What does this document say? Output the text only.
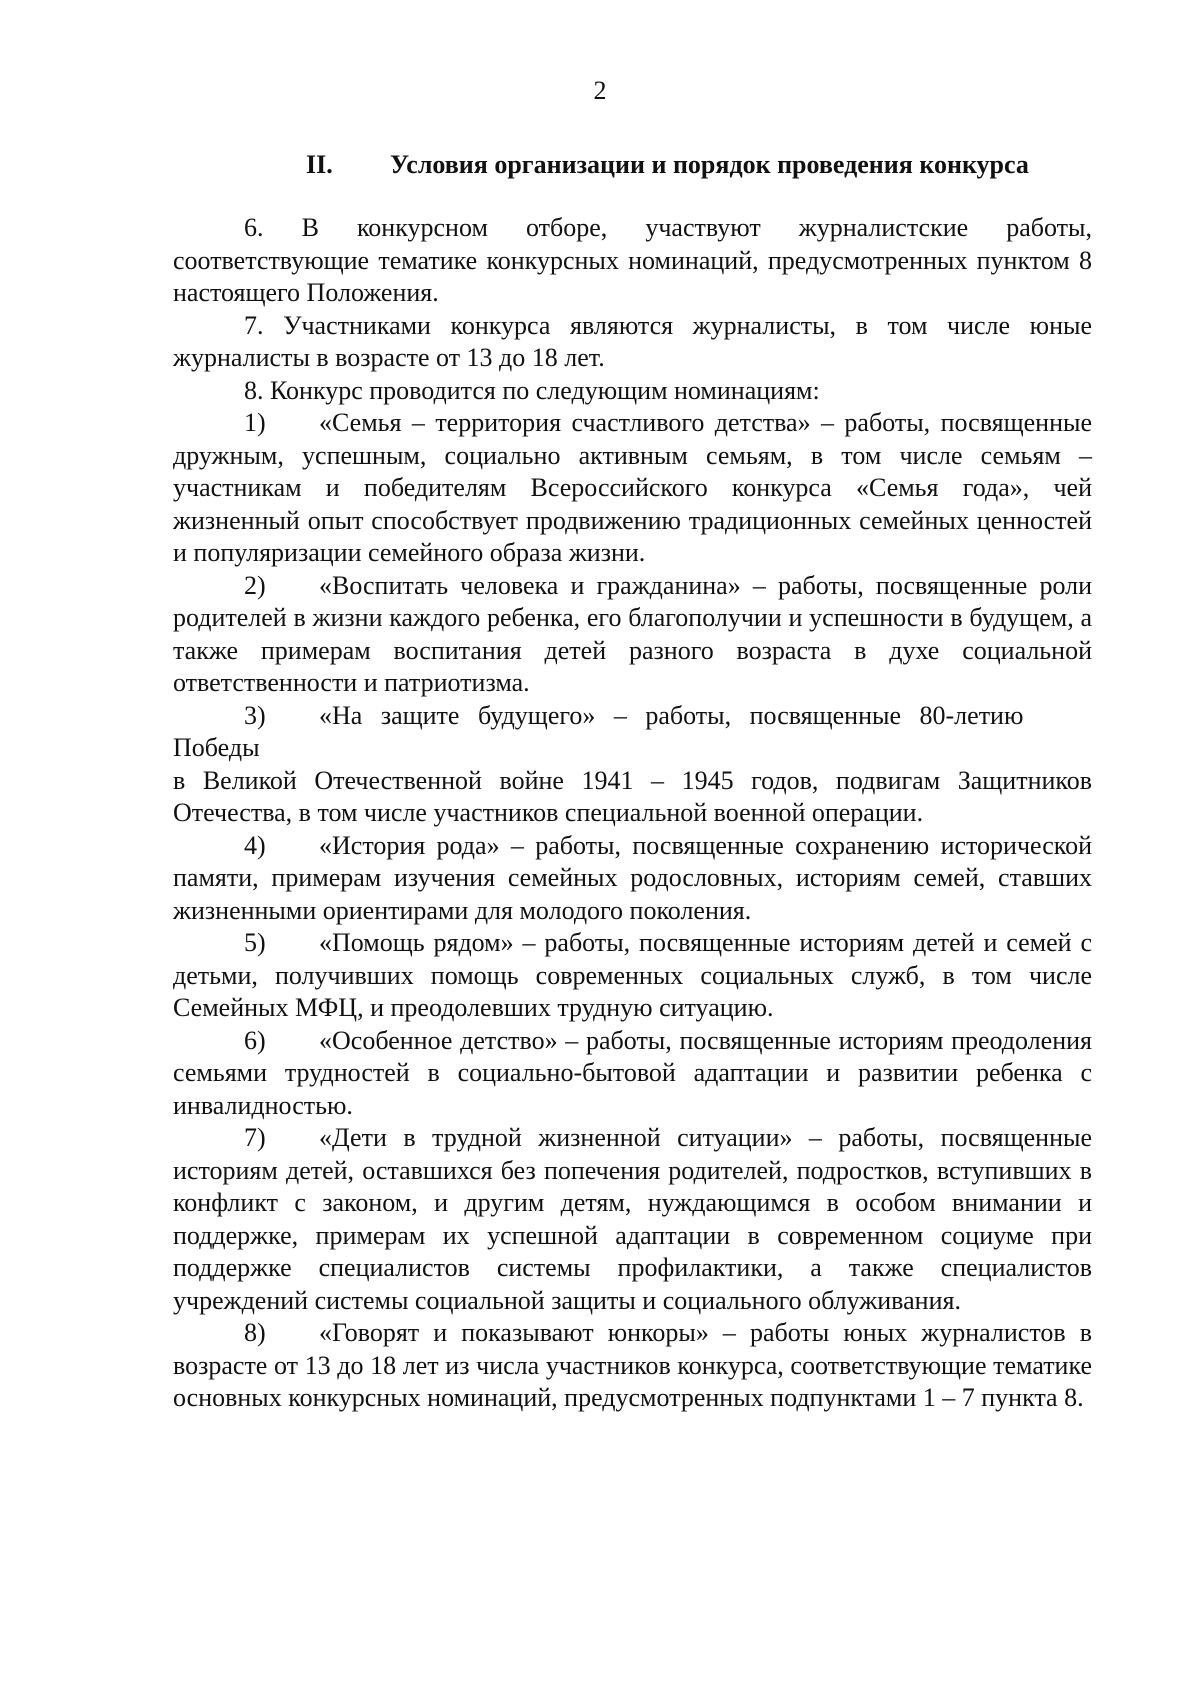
2
II. Условия организации и порядок проведения конкурса

6. В конкурсном отборе, участвуют журналистские работы, соответствующие тематике конкурсных номинаций, предусмотренных пунктом 8 настоящего Положения.

7. Участниками конкурса являются журналисты, в том числе юные журналисты в возрасте от 13 до 18 лет.

8. Конкурс проводится по следующим номинациям:

1) «Семья – территория счастливого детства» – работы, посвященные дружным, успешным, социально активным семьям, в том числе семьям – участникам и победителям Всероссийского конкурса «Семья года», чей жизненный опыт способствует продвижению традиционных семейных ценностей и популяризации семейного образа жизни.

2) «Воспитать человека и гражданина» – работы, посвященные роли родителей в жизни каждого ребенка, его благополучии и успешности в будущем, а также примерам воспитания детей разного возраста в духе социальной ответственности и патриотизма.

3) «На защите будущего» – работы, посвященные 80-летию Победы

в Великой Отечественной войне 1941 – 1945 годов, подвигам Защитников Отечества, в том числе участников специальной военной операции.

4) «История рода» – работы, посвященные сохранению исторической памяти, примерам изучения семейных родословных, историям семей, ставших жизненными ориентирами для молодого поколения.

5) «Помощь рядом» – работы, посвященные историям детей и семей с детьми, получивших помощь современных социальных служб, в том числе Семейных МФЦ, и преодолевших трудную ситуацию.

6) «Особенное детство» – работы, посвященные историям преодоления семьями трудностей в социально-бытовой адаптации и развитии ребенка с инвалидностью.

7) «Дети в трудной жизненной ситуации» – работы, посвященные историям детей, оставшихся без попечения родителей, подростков, вступивших в конфликт с законом, и другим детям, нуждающимся в особом внимании и поддержке, примерам их успешной адаптации в современном социуме при поддержке специалистов системы профилактики, а также специалистов учреждений системы социальной защиты и социального облуживания.

8) «Говорят и показывают юнкоры» – работы юных журналистов в возрасте от 13 до 18 лет из числа участников конкурса, соответствующие тематике основных конкурсных номинаций, предусмотренных подпунктами 1 – 7 пункта 8.
